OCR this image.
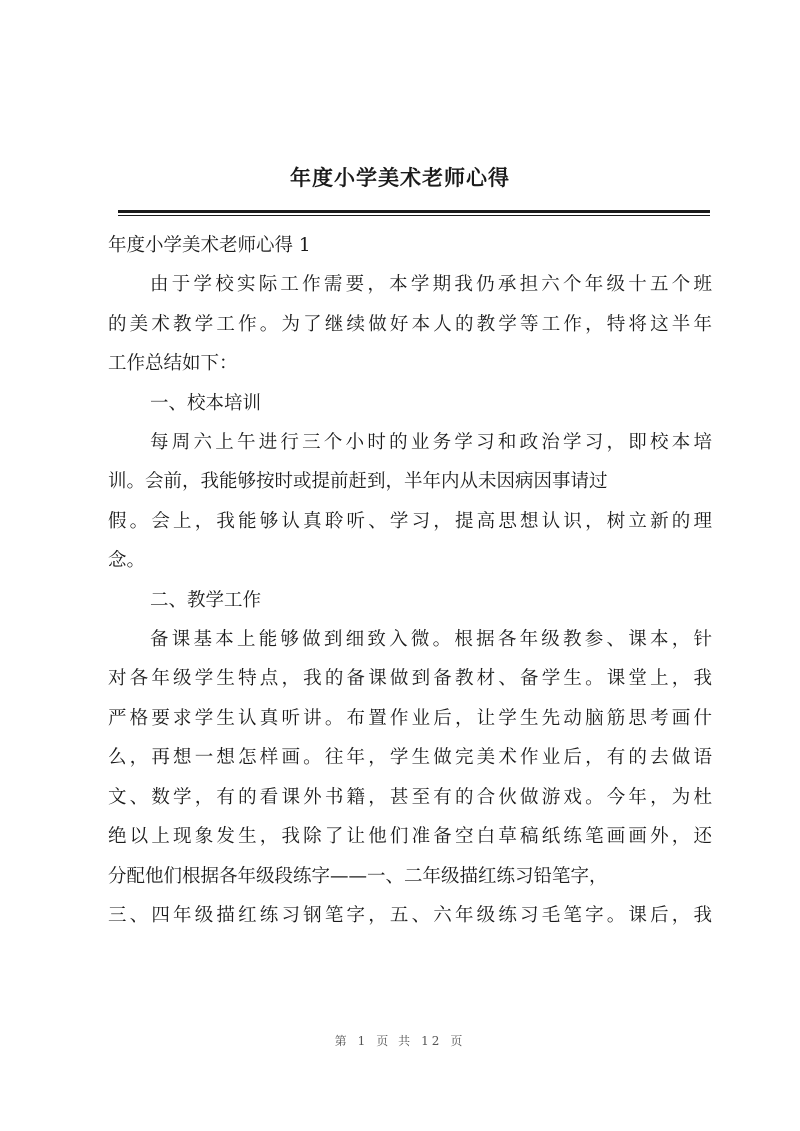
年度小学美术老师心得

年度小学美术老师心得 1

由于学校实际工作需要，本学期我仍承担六个年级十五个班

的美术教学工作。为了继续做好本人的教学等工作，特将这半年

工作总结如下：

一、校本培训

每周六上午进行三个小时的业务学习和政治学习，即校本培

训。会前，我能够按时或提前赶到，半年内从未因病因事请过

假。会上，我能够认真聆听、学习，提高思想认识，树立新的理

念。

二、教学工作

备课基本上能够做到细致入微。根据各年级教参、课本，针

对各年级学生特点，我的备课做到备教材、备学生。课堂上，我

严格要求学生认真听讲。布置作业后，让学生先动脑筋思考画什

么，再想一想怎样画。往年，学生做完美术作业后，有的去做语

文、数学，有的看课外书籍，甚至有的合伙做游戏。今年，为杜

绝以上现象发生，我除了让他们准备空白草稿纸练笔画画外，还

分配他们根据各年级段练字——一、二年级描红练习铅笔字，

三、四年级描红练习钢笔字，五、六年级练习毛笔字。课后，我

第 1 页 共 12 页
